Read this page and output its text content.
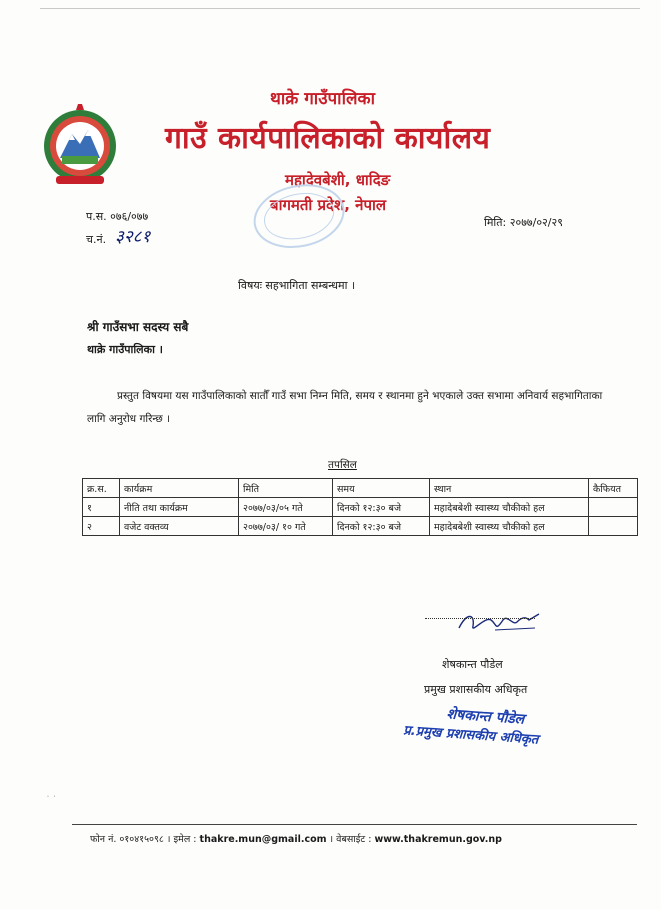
थाक्रे गाउँपालिका
गाउँ कार्यपालिकाको कार्यालय
महादेवबेशी, धादिङ
बागमती प्रदेश, नेपाल
प.स. ०७६/०७७
च.नं. ३२८१
मिति: २०७७/०२/२९
विषयः सहभागिता सम्बन्धमा ।
श्री गाउँसभा सदस्य सबै
थाक्रे गाउँपालिका ।
प्रस्तुत विषयमा यस गाउँपालिकाको सातौँ गाउँ सभा निम्न मिति, समय र स्थानमा हुने भएकाले उक्त सभामा अनिवार्य सहभागिताका लागि अनुरोध गरिन्छ ।
तपसिल
क्र.स.	कार्यक्रम	मिति	समय	स्थान	कैफियत
१	नीति तथा कार्यक्रम	२०७७/०३/०५ गते	दिनको १२:३० बजे	महादेबबेशी स्वास्थ्य चौकीको हल	
२	वजेट वक्तव्य	२०७७/०३/ १० गते	दिनको १२:३० बजे	महादेबबेशी स्वास्थ्य चौकीको हल	
शेषकान्त पौडेल
प्रमुख प्रशासकीय अधिकृत
शेषकान्त पौडेल
प्र.प्रमुख प्रशासकीय अधिकृत
˙ ˙
फोन नं. ०१०४१५०९८ । इमेल : thakre.mun@gmail.com । वेबसाईट : www.thakremun.gov.np
